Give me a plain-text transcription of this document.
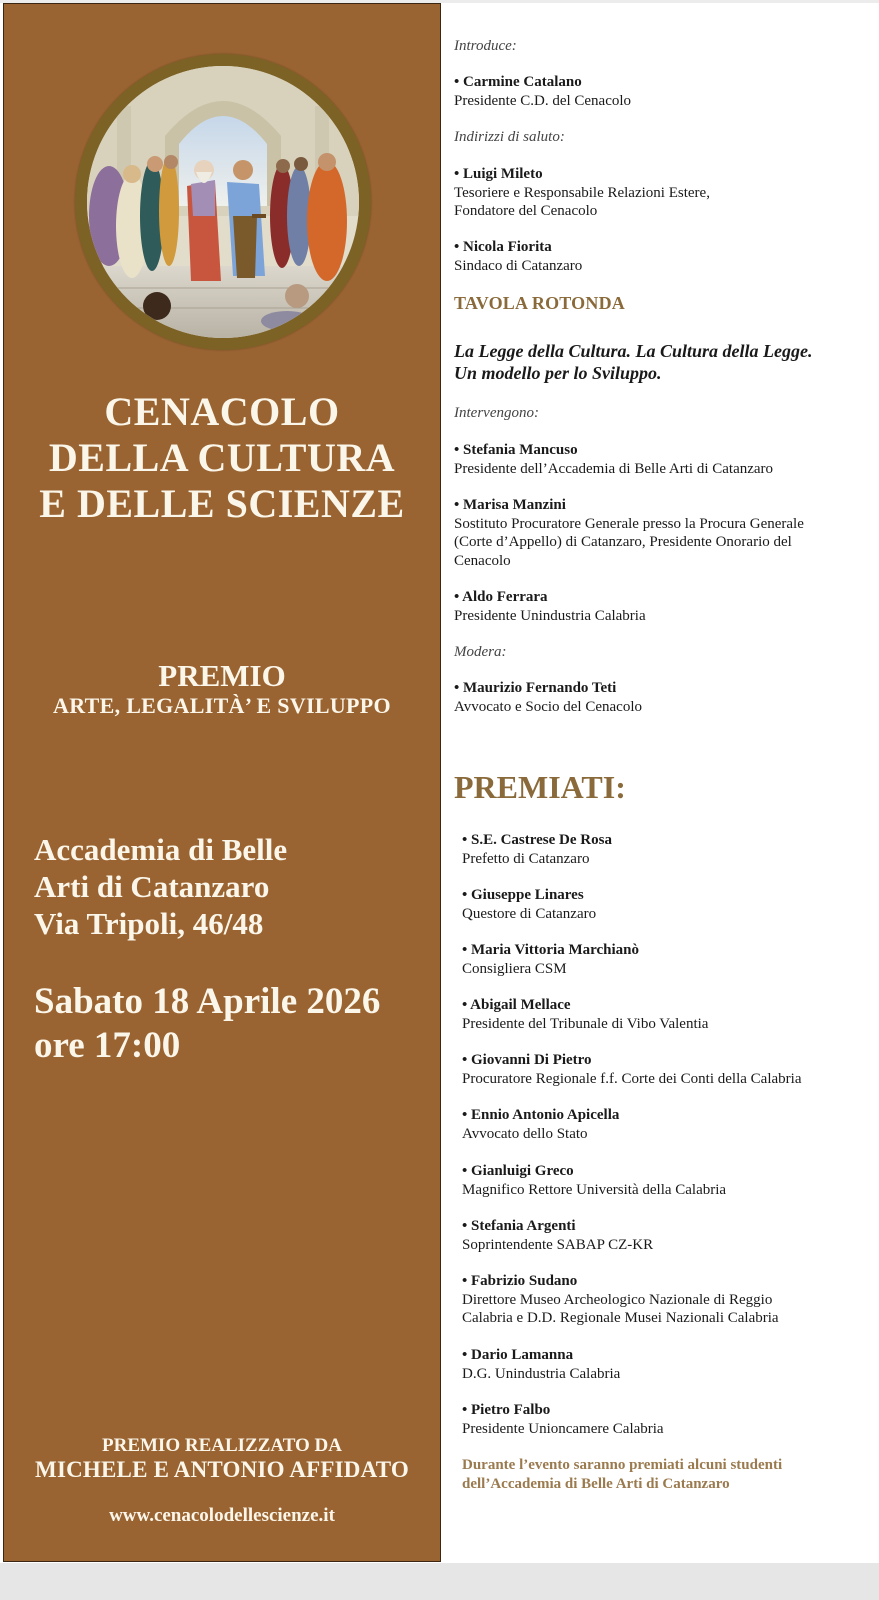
CENACOLO
DELLA CULTURA
E DELLE SCIENZE
PREMIO
ARTE, LEGALITÀ’ E SVILUPPO
Accademia di Belle
Arti di Catanzaro
Via Tripoli, 46/48
Sabato 18 Aprile 2026
ore 17:00
PREMIO REALIZZATO DA
MICHELE E ANTONIO AFFIDATO
www.cenacolodellescienze.it
Introduce:
• Carmine Catalano
Presidente C.D. del Cenacolo
Indirizzi di saluto:
• Luigi Mileto
Tesoriere e Responsabile Relazioni Estere,
Fondatore del Cenacolo
• Nicola Fiorita
Sindaco di Catanzaro
TAVOLA ROTONDA
La Legge della Cultura. La Cultura della Legge.
Un modello per lo Sviluppo.
Intervengono:
• Stefania Mancuso
Presidente dell’Accademia di Belle Arti di Catanzaro
• Marisa Manzini
Sostituto Procuratore Generale presso la Procura Generale
(Corte d’Appello) di Catanzaro, Presidente Onorario del
Cenacolo
• Aldo Ferrara
Presidente Unindustria Calabria
Modera:
• Maurizio Fernando Teti
Avvocato e Socio del Cenacolo
PREMIATI:
• S.E. Castrese De Rosa
Prefetto di Catanzaro
• Giuseppe Linares
Questore di Catanzaro
• Maria Vittoria Marchianò
Consigliera CSM
• Abigail Mellace
Presidente del Tribunale di Vibo Valentia
• Giovanni Di Pietro
Procuratore Regionale f.f. Corte dei Conti della Calabria
• Ennio Antonio Apicella
Avvocato dello Stato
• Gianluigi Greco
Magnifico Rettore Università della Calabria
• Stefania Argenti
Soprintendente SABAP CZ-KR
• Fabrizio Sudano
Direttore Museo Archeologico Nazionale di Reggio
Calabria e D.D. Regionale Musei Nazionali Calabria
• Dario Lamanna
D.G. Unindustria Calabria
• Pietro Falbo
Presidente Unioncamere Calabria
Durante l’evento saranno premiati alcuni studenti
dell’Accademia di Belle Arti di Catanzaro
